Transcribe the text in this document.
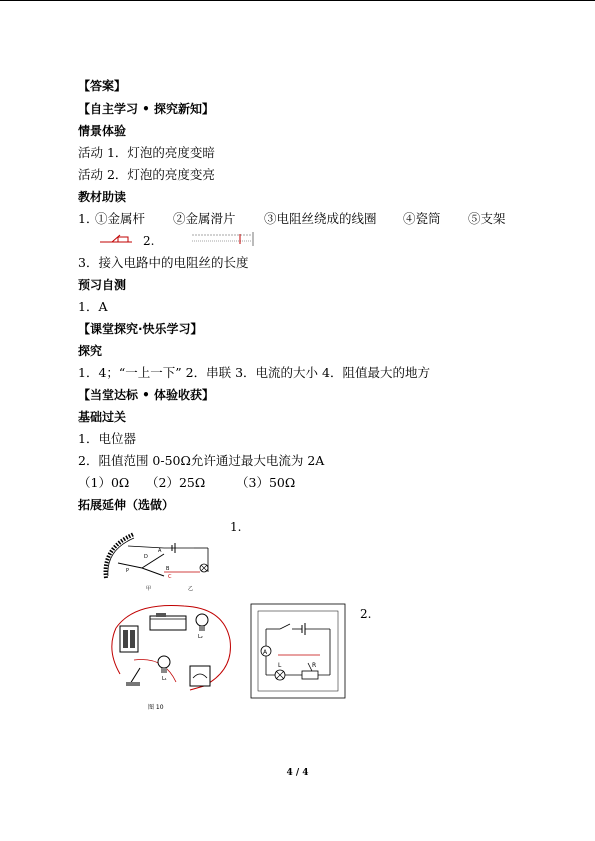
【答案】
【自主学习 • 探究新知】
情景体验
活动 1．灯泡的亮度变暗
活动 2．灯泡的亮度变亮
教材助读
1．
①金属杆 ②金属滑片 ③电阻丝绕成的线圈 ④瓷筒 ⑤支架
2.
3．接入电路中的电阻丝的长度
预习自测
1．A
【课堂探究·快乐学习】
探究
1．4；“一上一下” 2．串联 3．电流的大小 4．阻值最大的地方
【当堂达标 • 体验收获】
基础过关
1．电位器
2．阻值范围 0-50Ω允许通过最大电流为 2A
（1）0Ω （2）25Ω （3）50Ω
拓展延伸（选做）
1.
A
B
C
D
P
甲	乙
L₂
L₁
图 10
A
L	R
2.
4 / 4
